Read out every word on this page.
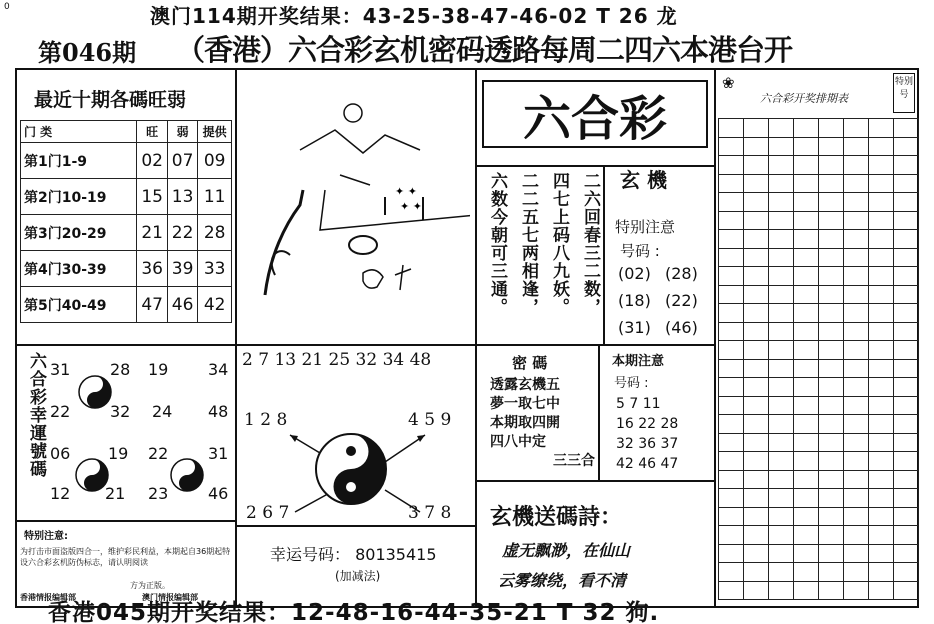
澳门114期开奖结果：43-25-38-47-46-02 T 26 龙
0
第046期 （香港）六合彩玄机密码透路每周二四六本港台开
最近十期各碼旺弱
门 类	旺	弱	提供
第1门1-9	02	07	09
第2门10-19	15	13	11
第3门20-29	21	22	28
第4门30-39	36	39	33
第5门40-49	47	46	42
六合彩幸運號碼 31 28 19 34
22 32 24 48
06 19 22 31
12 21 23 46
特别注意:
为打击市面盗版四合一，维护彩民利益，本期起自36期起特设六合彩玄机防伪标志，请认明阅读
方为正版。
香港情报编辑部	澳门情报编辑部
✦ ✦
✦ ✦
2 7 13 21 25 32 34 48
1 2 8	4 5 9
2 6 7	3 7 8
幸运号码： 80135415
(加减法)
六合彩
玄 機
二六回春三二数，
四七上码八九妖。
二二五七两相逢，
六数今朝可三通。	特别注意
号码 :
(02) (28)
(18) (22)
(31) (46)
密 碼
透露玄機五
夢一取七中
本期取四開
四八中定
三三合
本期注意
号码 :
5 7 11
16 22 28
32 36 37
42 46 47
玄機送碼詩：
虚无飘渺，在仙山
云雾缭绕，看不清
❀
六合彩开奖排期表
特别号

香港045期开奖结果：12-48-16-44-35-21 T 32 狗.
